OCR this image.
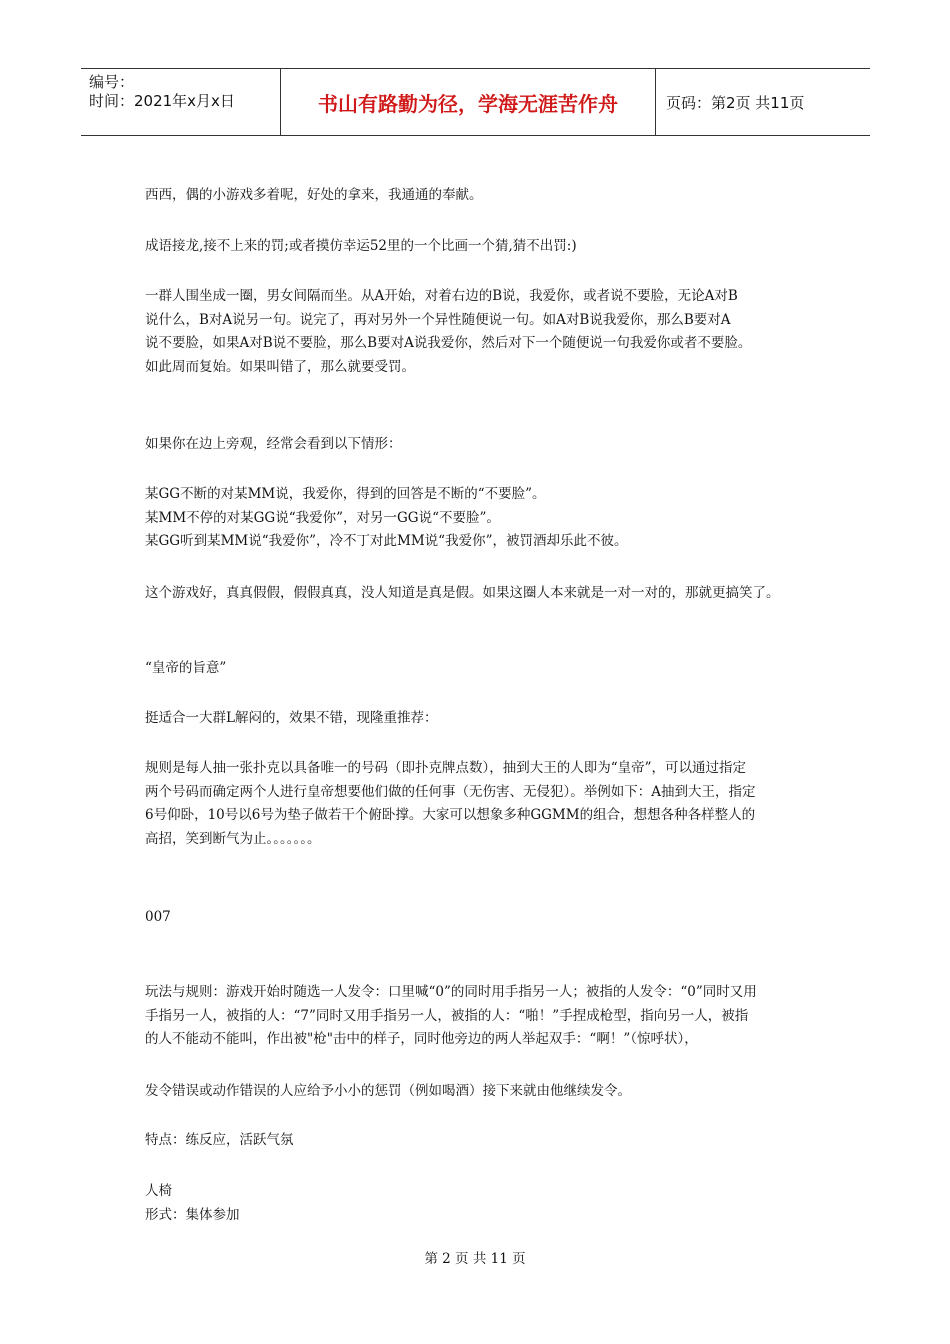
编号：
时间：2021年x月x日	书山有路勤为径，学海无涯苦作舟	页码：第2页 共11页
西西，偶的小游戏多着呢，好处的拿来，我通通的奉献。
成语接龙,接不上来的罚;或者摸仿幸运52里的一个比画一个猜,猜不出罚:)
一群人围坐成一圈，男女间隔而坐。从A开始，对着右边的B说，我爱你，或者说不要脸，无论A对B
说什么，B对A说另一句。说完了，再对另外一个异性随便说一句。如A对B说我爱你，那么B要对A
说不要脸，如果A对B说不要脸，那么B要对A说我爱你，然后对下一个随便说一句我爱你或者不要脸。
如此周而复始。如果叫错了，那么就要受罚。
如果你在边上旁观，经常会看到以下情形：
某GG不断的对某MM说，我爱你，得到的回答是不断的“不要脸”。
某MM不停的对某GG说“我爱你”，对另一GG说“不要脸”。
某GG听到某MM说“我爱你”，冷不丁对此MM说“我爱你”，被罚酒却乐此不彼。
这个游戏好，真真假假，假假真真，没人知道是真是假。如果这圈人本来就是一对一对的，那就更搞笑了。
“皇帝的旨意”
挺适合一大群L解闷的，效果不错，现隆重推荐：
规则是每人抽一张扑克以具备唯一的号码（即扑克牌点数），抽到大王的人即为“皇帝”，可以通过指定
两个号码而确定两个人进行皇帝想要他们做的任何事（无伤害、无侵犯）。举例如下：A抽到大王，指定
6号仰卧，10号以6号为垫子做若干个俯卧撑。大家可以想象多种GGMM的组合，想想各种各样整人的
高招，笑到断气为止。。。。。。。
007
玩法与规则：游戏开始时随选一人发令：口里喊“0”的同时用手指另一人；被指的人发令：“0”同时又用
手指另一人，被指的人：“7”同时又用手指另一人，被指的人：“啪！”手捏成枪型，指向另一人，被指
的人不能动不能叫，作出被"枪"击中的样子，同时他旁边的两人举起双手：“啊！”（惊呼状），
发令错误或动作错误的人应给予小小的惩罚（例如喝酒）接下来就由他继续发令。
特点：练反应，活跃气氛
人椅
形式：集体参加
第 2 页 共 11 页
